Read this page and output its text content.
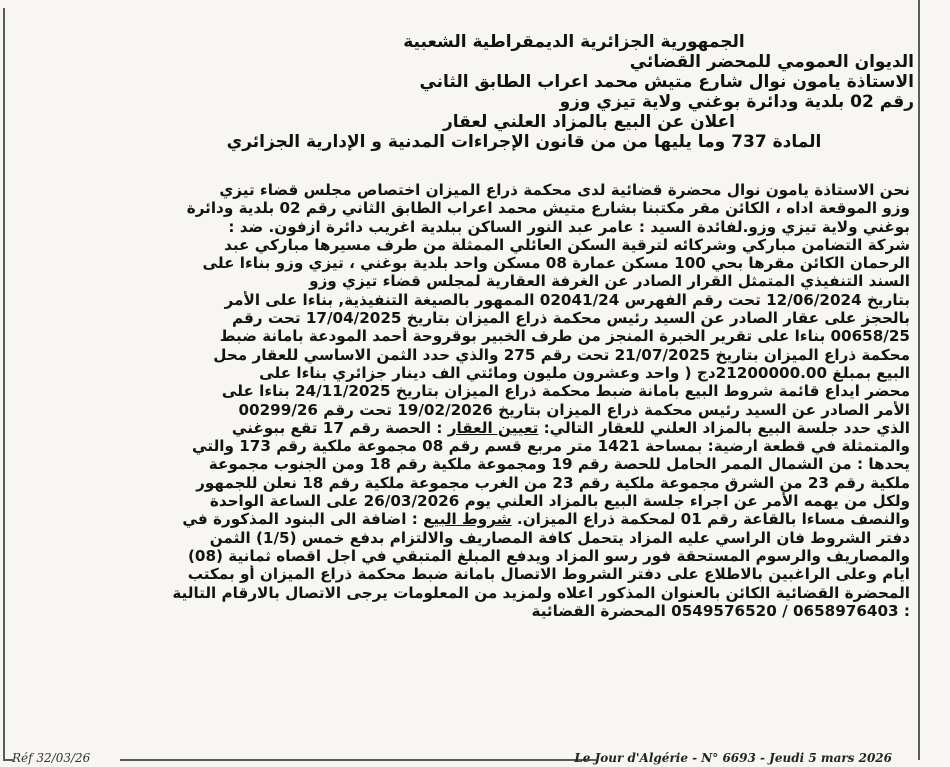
الجمهورية الجزائرية الديمقراطية الشعبية
الديوان العمومي للمحضر القضائي
الاستاذة يامون نوال شارع متيش محمد اعراب الطابق الثاني
رقم 02 بلدية ودائرة بوغني ولاية تيزي وزو
اعلان عن البيع بالمزاد العلني لعقار
المادة 737 وما يليها من من قانون الإجراءات المدنية و الإدارية الجزائري
نحن الاستاذة يامون نوال محضرة قضائية لدى محكمة ذراع الميزان اختصاص مجلس قضاء تيزي
وزو الموقعة اداه ، الكائن مقر مكتبنا بشارع متيش محمد اعراب الطابق الثاني رقم 02 بلدية ودائرة
بوغني ولاية تيزي وزو.لفائدة السيد : عامر عبد النور الساكن ببلدية اغريب دائرة ازفون. ضد :
شركة التضامن مباركي وشركائه لترقية السكن العائلي الممثلة من طرف مسيرها مباركي عبد
الرحمان الكائن مقرها بحي 100 مسكن عمارة 08 مسكن واحد بلدية بوغني ، تيزي وزو بناءا على
السند التنفيذي المتمثل القرار الصادر عن الغرفة العقارية لمجلس قضاء تيزي وزو
بتاريخ 12/06/2024 تحت رقم الفهرس 02041/24 الممهور بالصيغة التنفيذية, بناءا على الأمر
بالحجز على عقار الصادر عن السيد رئيس محكمة ذراع الميزان بتاريخ 17/04/2025 تحت رقم
00658/25 بناءا على تقرير الخبرة المنجز من طرف الخبير بوقروحة أحمد المودعة بامانة ضبط
محكمة ذراع الميزان بتاريخ 21/07/2025 تحت رقم 275 والذي حدد الثمن الاساسي للعقار محل
البيع بمبلغ 21200000.00دج ( واحد وعشرون مليون ومائتي الف دينار جزائري بناءا على
محضر ايداع قائمة شروط البيع بامانة ضبط محكمة ذراع الميزان بتاريخ 24/11/2025 بناءا على
الأمر الصادر عن السيد رئيس محكمة ذراع الميزان بتاريخ 19/02/2026 تحت رقم 00299/26
الذي حدد جلسة البيع بالمزاد العلني للعقار التالي: تعيين العقار : الحصة رقم 17 تقع ببوغني
والمتمثلة في قطعة ارضية: بمساحة 1421 متر مربع قسم رقم 08 مجموعة ملكية رقم 173 والتي
يحدها : من الشمال الممر الحامل للحصة رقم 19 ومجموعة ملكية رقم 18 ومن الجنوب مجموعة
ملكية رقم 23 من الشرق مجموعة ملكية رقم 23 من الغرب مجموعة ملكية رقم 18 نعلن للجمهور
ولكل من يهمه الأمر عن اجراء جلسة البيع بالمزاد العلني يوم 26/03/2026 على الساعة الواحدة
والنصف مساءا بالقاعة رقم 01 لمحكمة ذراع الميزان. شروط البيع : اضافة الى البنود المذكورة في
دفتر الشروط فان الراسي عليه المزاد يتحمل كافة المصاريف والالتزام بدفع خمس (1/5) الثمن
والمصاريف والرسوم المستحقة فور رسو المزاد ويدفع المبلغ المتبقي في اجل اقصاه ثمانية (08)
ايام وعلى الراغبين بالاطلاع على دفتر الشروط الاتصال بامانة ضبط محكمة ذراع الميزان أو بمكتب
المحضرة القضائية الكائن بالعنوان المذكور اعلاه ولمزيد من المعلومات يرجى الاتصال بالارقام التالية
: 0658976403 / 0549576520 المحضرة القضائية
Réf 32/03/26	Le Jour d'Algérie - N° 6693 - Jeudi 5 mars 2026
